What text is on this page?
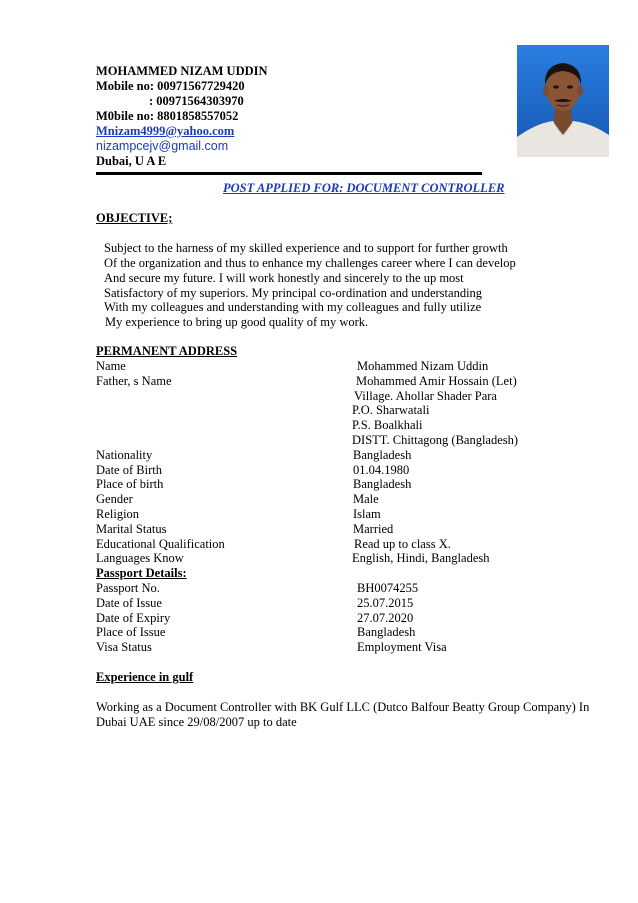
MOHAMMED NIZAM UDDIN
Mobile no: 00971567729420
: 00971564303970
M0bile no: 8801858557052
Mnizam4999@yahoo.com
nizampcejv@gmail.com
Dubai, U A E
POST APPLIED FOR: DOCUMENT CONTROLLER
OBJECTIVE;
Subject to the harness of my skilled experience and to support for further growth
Of the organization and thus to enhance my challenges career where I can develop
And secure my future. I will work honestly and sincerely to the up most
Satisfactory of my superiors. My principal co-ordination and understanding
With my colleagues and understanding with my colleagues and fully utilize
My experience to bring up good quality of my work.
PERMANENT ADDRESS
Name	Mohammed Nizam Uddin
Father, s Name	Mohammed Amir Hossain (Let)
Village. Ahollar Shader Para
P.O. Sharwatali
P.S. Boalkhali
DISTT. Chittagong (Bangladesh)
Nationality	Bangladesh
Date of Birth	01.04.1980
Place of birth	Bangladesh
Gender	Male
Religion	Islam
Marital Status	Married
Educational Qualification	Read up to class X.
Languages Know	English, Hindi, Bangladesh
Passport Details:
Passport No.	BH0074255
Date of Issue	25.07.2015
Date of Expiry	27.07.2020
Place of Issue	Bangladesh
Visa Status	Employment Visa
Experience in gulf
Working as a Document Controller with BK Gulf LLC (Dutco Balfour Beatty Group Company) In Dubai UAE since 29/08/2007 up to date
